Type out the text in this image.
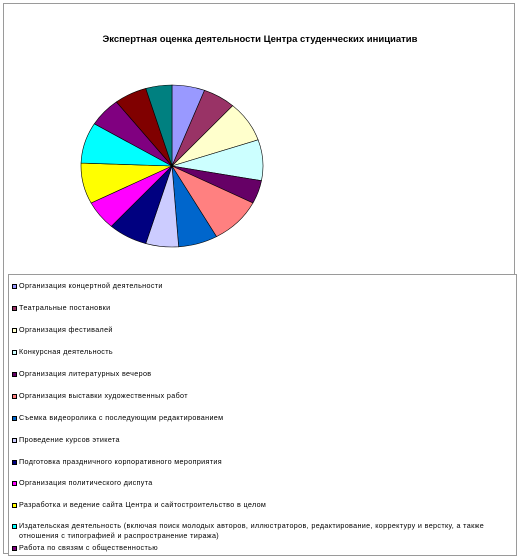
Экспертная оценка деятельности Центра студенческих инициатив
Организация концертной деятельности
Театральные постановки
Организация фестивалей
Конкурсная деятельность
Организация литературных вечеров
Организация выставки художественных работ
Съемка видеоролика с последующим редактированием
Проведение курсов этикета
Подготовка праздничного корпоративного мероприятия
Организация политического диспута
Разработка и ведение сайта Центра и сайтостроительство в целом
Издательская деятельность (включая поиск молодых авторов, иллюстраторов, редактирование, корректуру и верстку, а также отношения с типографией и распространение тиража)
Работа по связям с общественностью
